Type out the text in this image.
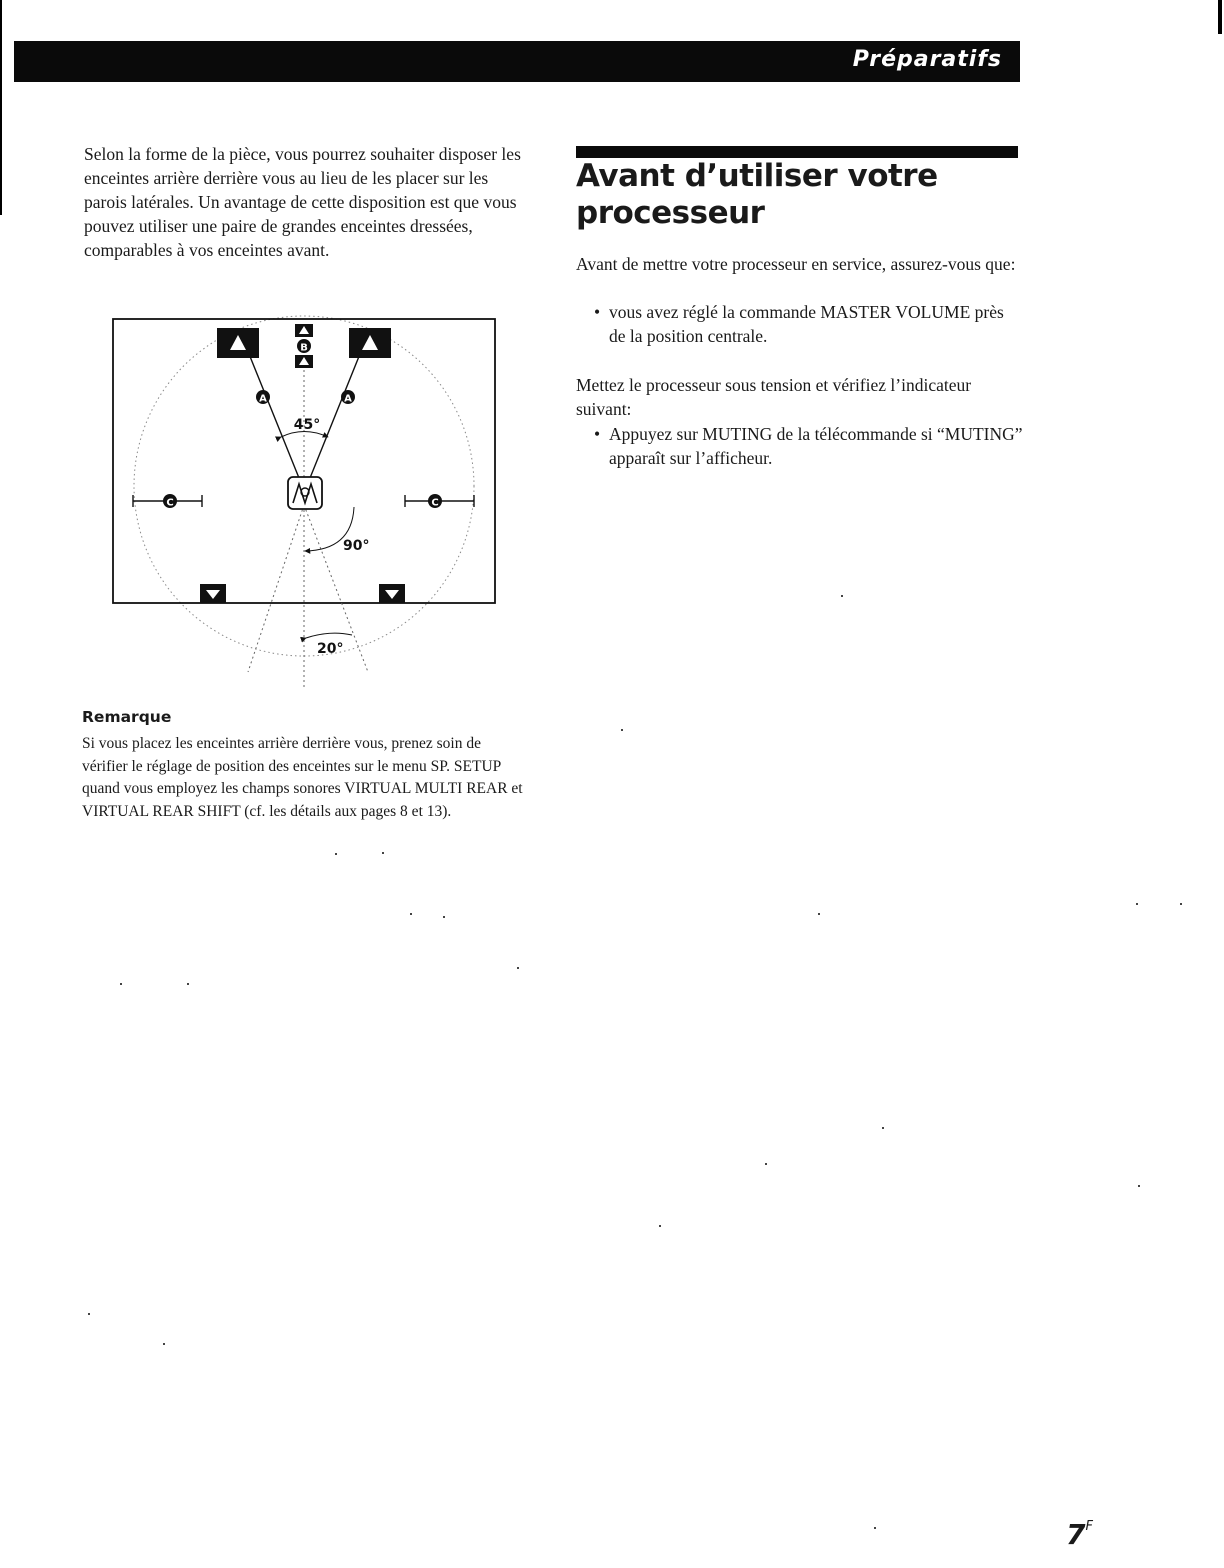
Préparatifs

Selon la forme de la pièce, vous pourrez souhaiter disposer les enceintes arrière derrière vous au lieu de les placer sur les parois latérales. Un avantage de cette disposition est que vous pouvez utiliser une paire de grandes enceintes dressées, comparables à vos enceintes avant.

B
A	A
45°
C	C
90°
20°
Remarque

Si vous placez les enceintes arrière derrière vous, prenez soin de vérifier le réglage de position des enceintes sur le menu SP. SETUP quand vous employez les champs sonores VIRTUAL MULTI REAR et VIRTUAL REAR SHIFT (cf. les détails aux pages 8 et 13).

Avant d’utiliser votre processeur

Avant de mettre votre processeur en service, assurez-vous que:

• vous avez réglé la commande MASTER VOLUME près de la position centrale.

Mettez le processeur sous tension et vérifiez l’indicateur suivant:

• Appuyez sur MUTING de la télécommande si “MUTING” apparaît sur l’afficheur.

$7^F$
